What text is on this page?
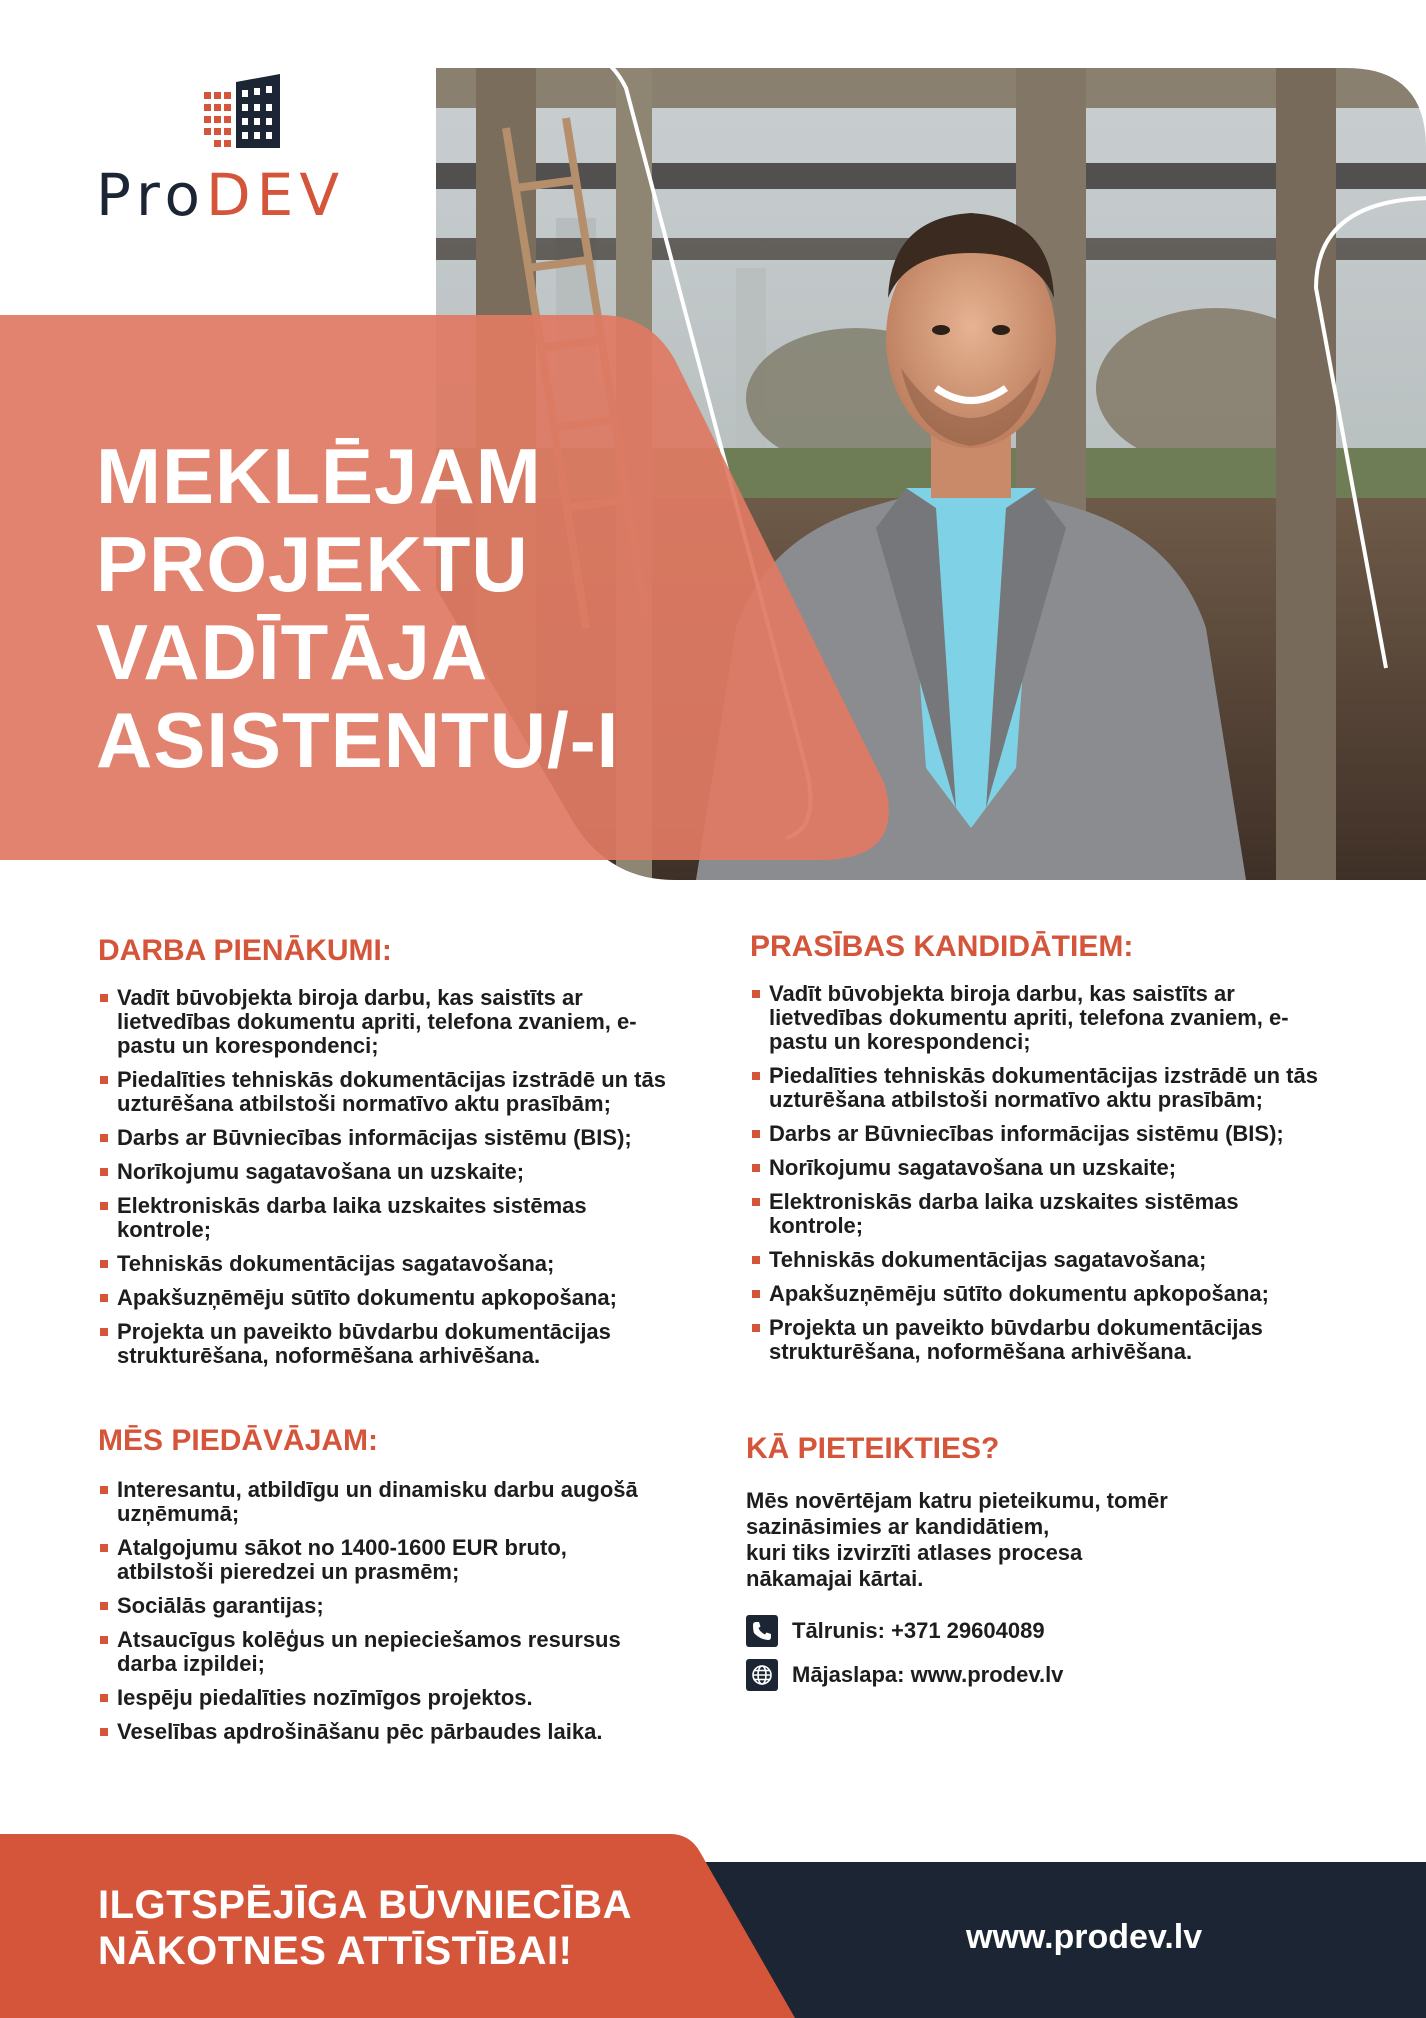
ProDEV
MEKLĒJAM
PROJEKTU
VADĪTĀJA
ASISTENTU/-I
DARBA PIENĀKUMI:
Vadīt būvobjekta biroja darbu, kas saistīts ar lietvedības dokumentu apriti, telefona zvaniem, e-pastu un korespondenci;
Piedalīties tehniskās dokumentācijas izstrādē un tās uzturēšana atbilstoši normatīvo aktu prasībām;
Darbs ar Būvniecības informācijas sistēmu (BIS);
Norīkojumu sagatavošana un uzskaite;
Elektroniskās darba laika uzskaites sistēmas kontrole;
Tehniskās dokumentācijas sagatavošana;
Apakšuzņēmēju sūtīto dokumentu apkopošana;
Projekta un paveikto būvdarbu dokumentācijas strukturēšana, noformēšana arhivēšana.
PRASĪBAS KANDIDĀTIEM:
Vadīt būvobjekta biroja darbu, kas saistīts ar lietvedības dokumentu apriti, telefona zvaniem, e-pastu un korespondenci;
Piedalīties tehniskās dokumentācijas izstrādē un tās uzturēšana atbilstoši normatīvo aktu prasībām;
Darbs ar Būvniecības informācijas sistēmu (BIS);
Norīkojumu sagatavošana un uzskaite;
Elektroniskās darba laika uzskaites sistēmas kontrole;
Tehniskās dokumentācijas sagatavošana;
Apakšuzņēmēju sūtīto dokumentu apkopošana;
Projekta un paveikto būvdarbu dokumentācijas strukturēšana, noformēšana arhivēšana.
MĒS PIEDĀVĀJAM:
Interesantu, atbildīgu un dinamisku darbu augošā uzņēmumā;
Atalgojumu sākot no 1400-1600 EUR bruto, atbilstoši pieredzei un prasmēm;
Sociālās garantijas;
Atsaucīgus kolēģus un nepieciešamos resursus darba izpildei;
Iespēju piedalīties nozīmīgos projektos.
Veselības apdrošināšanu pēc pārbaudes laika.
KĀ PIETEIKTIES?
Mēs novērtējam katru pieteikumu, tomēr
sazināsimies ar kandidātiem,
kuri tiks izvirzīti atlases procesa
nākamajai kārtai.
Tālrunis: +371 29604089
Mājaslapa: www.prodev.lv
ILGTSPĒJĪGA BŪVNIECĪBA
NĀKOTNES ATTĪSTĪBAI!	www.prodev.lv
